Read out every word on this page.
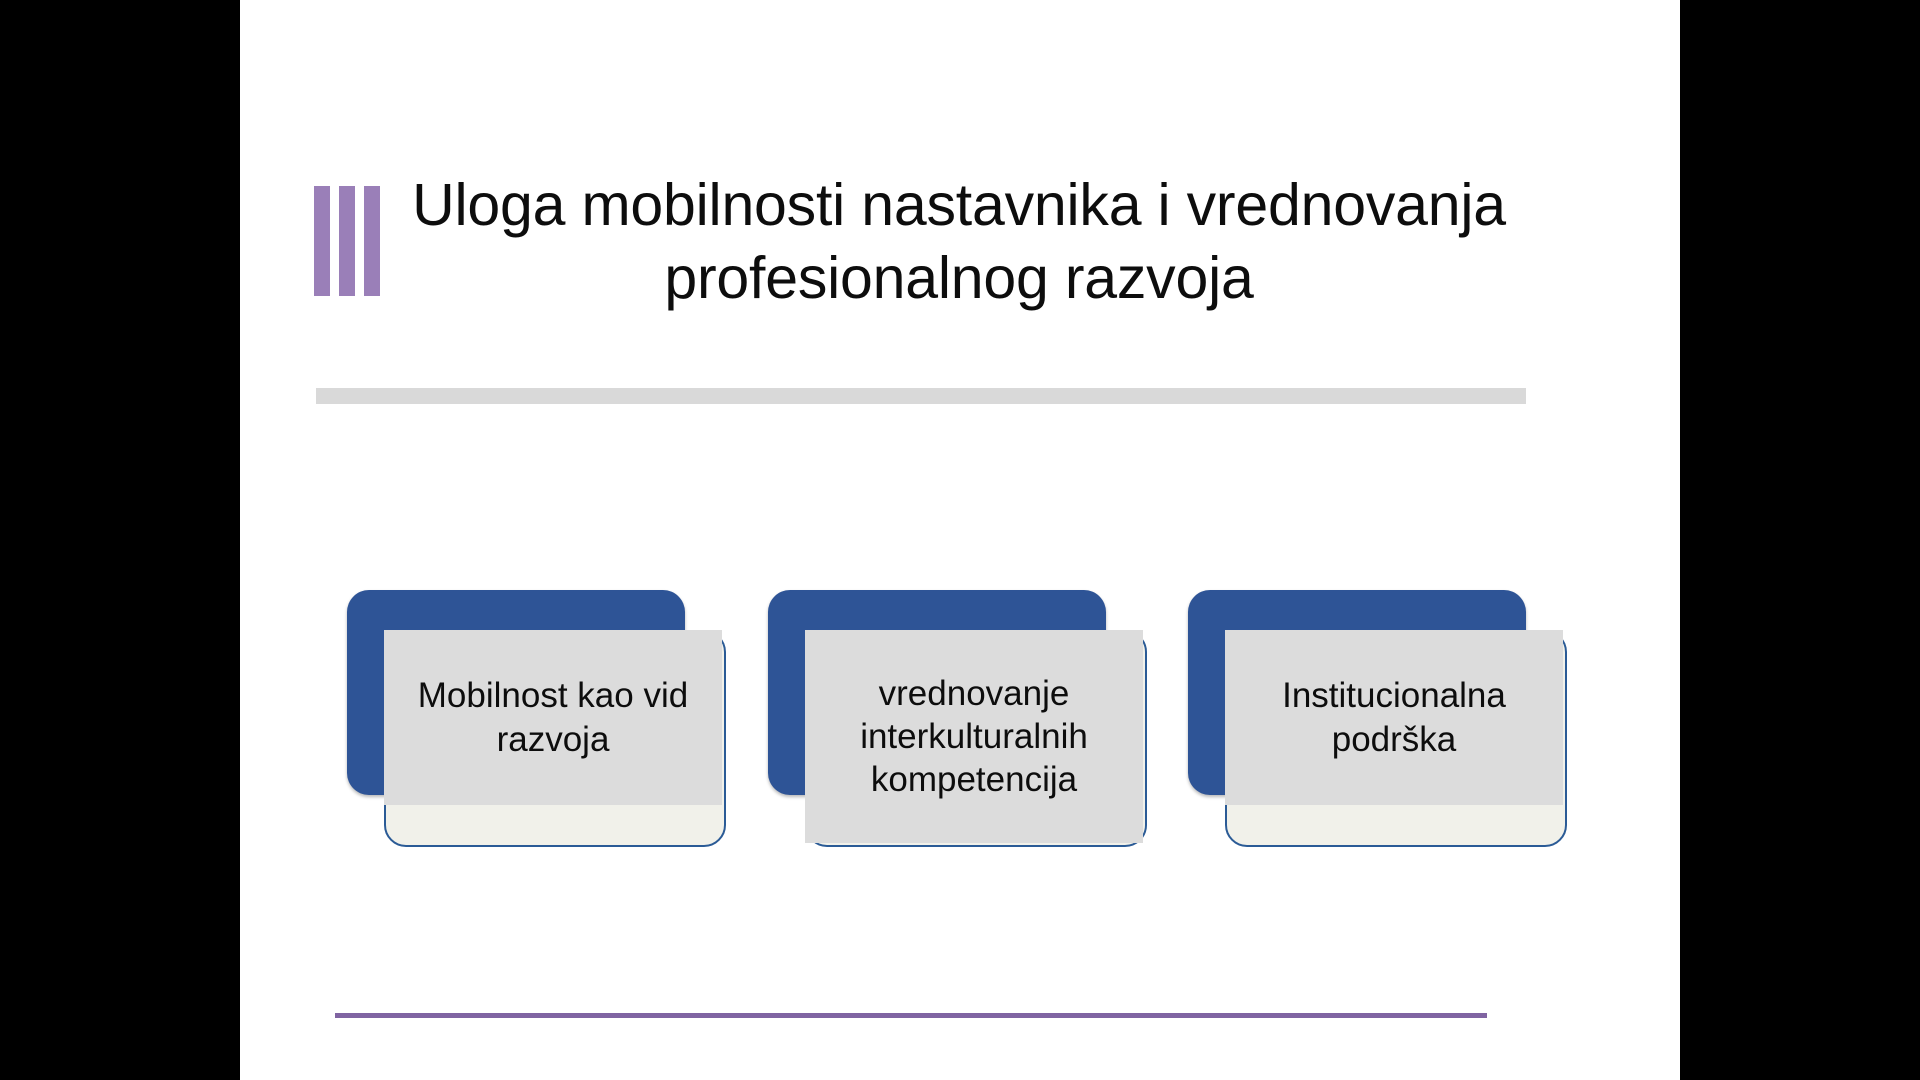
Uloga mobilnosti nastavnika i vrednovanja profesionalnog razvoja
Mobilnost kao vid razvoja
vrednovanje interkulturalnih kompetencija
Institucionalna podrška
